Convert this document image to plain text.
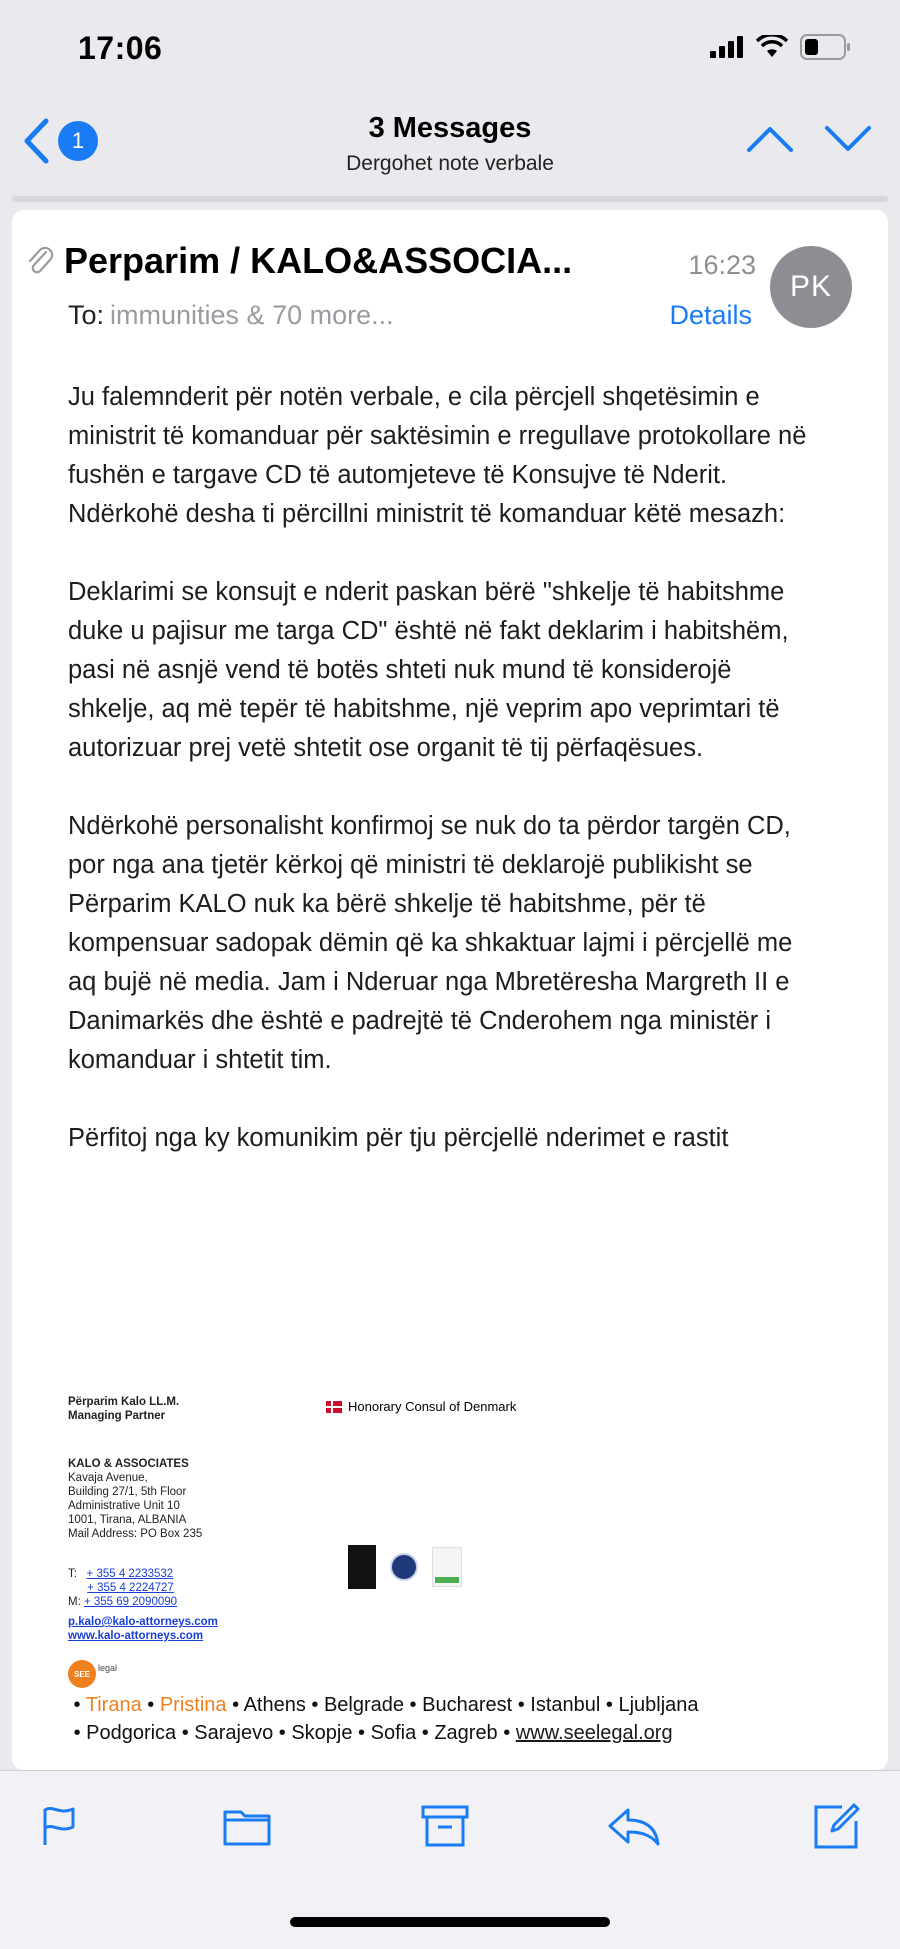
17:06
1	3 Messages
Dergohet note verbale
Perparim / KALO&ASSOCIA...	16:23
PK
To: immunities & 70 more...	Details

Ju falemnderit për notën verbale, e cila përcjell shqetësimin e ministrit të komanduar për saktësimin e rregullave protokollare në fushën e targave CD të automjeteve të Konsujve të Nderit. Ndërkohë desha ti përcillni ministrit të komanduar këtë mesazh:

Deklarimi se konsujt e nderit paskan bërë "shkelje të habitshme duke u pajisur me targa CD" është në fakt deklarim i habitshëm, pasi në asnjë vend të botës shteti nuk mund të konsiderojë shkelje, aq më tepër të habitshme, një veprim apo veprimtari të autorizuar prej vetë shtetit ose organit të tij përfaqësues.

Ndërkohë personalisht konfirmoj se nuk do ta përdor targën CD, por nga ana tjetër kërkoj që ministri të deklarojë publikisht se Përparim KALO nuk ka bërë shkelje të habitshme, për të kompensuar sadopak dëmin që ka shkaktuar lajmi i përcjellë me aq bujë në media. Jam i Nderuar nga Mbretëresha Margreth II e Danimarkës dhe është e padrejtë të Cnderohem nga ministër i komanduar i shtetit tim.

Përfitoj nga ky komunikim për tju përcjellë nderimet e rastit

Përparim Kalo LL.M.
Managing Partner
Honorary Consul of Denmark
KALO & ASSOCIATES
Kavaja Avenue,
Building 27/1, 5th Floor
Administrative Unit 10
1001, Tirana, ALBANIA
Mail Address: PO Box 235
T: + 355 4 2233532
+ 355 4 2224727
M: + 355 69 2090090
p.kalo@kalo-attorneys.com
www.kalo-attorneys.com
SEE
legal
• Tirana • Pristina • Athens • Belgrade • Bucharest • Istanbul • Ljubljana
• Podgorica • Sarajevo • Skopje • Sofia • Zagreb • www.seelegal.org
